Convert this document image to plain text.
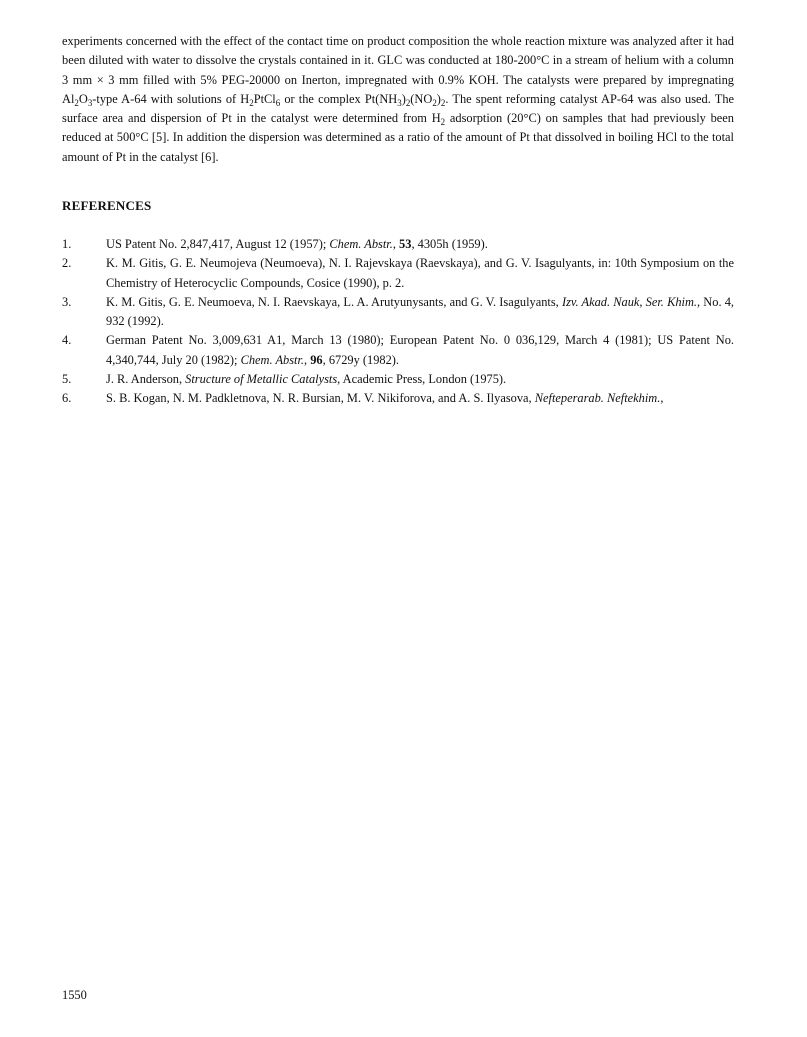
experiments concerned with the effect of the contact time on product composition the whole reaction mixture was analyzed after it had been diluted with water to dissolve the crystals contained in it. GLC was conducted at 180-200°C in a stream of helium with a column 3 mm × 3 mm filled with 5% PEG-20000 on Inerton, impregnated with 0.9% KOH. The catalysts were prepared by impregnating $Al_2O_3$-type A-64 with solutions of $H_2PtCl_6$ or the complex $Pt(NH_3)_2(NO_2)_2$. The spent reforming catalyst AP-64 was also used. The surface area and dispersion of Pt in the catalyst were determined from $H_2$ adsorption (20°C) on samples that had previously been reduced at 500°C [5]. In addition the dispersion was determined as a ratio of the amount of Pt that dissolved in boiling HCl to the total amount of Pt in the catalyst [6].

REFERENCES
1.	US Patent No. 2,847,417, August 12 (1957); Chem. Abstr., 53, 4305h (1959).
2.	K. M. Gitis, G. E. Neumojeva (Neumoeva), N. I. Rajevskaya (Raevskaya), and G. V. Isagulyants, in: 10th Symposium on the Chemistry of Heterocyclic Compounds, Cosice (1990), p. 2.
3.	K. M. Gitis, G. E. Neumoeva, N. I. Raevskaya, L. A. Arutyunysants, and G. V. Isagulyants, Izv. Akad. Nauk, Ser. Khim., No. 4, 932 (1992).
4.	German Patent No. 3,009,631 A1, March 13 (1980); European Patent No. 0 036,129, March 4 (1981); US Patent No. 4,340,744, July 20 (1982); Chem. Abstr., 96, 6729y (1982).
5.	J. R. Anderson, Structure of Metallic Catalysts, Academic Press, London (1975).
6.	S. B. Kogan, N. M. Padkletnova, N. R. Bursian, M. V. Nikiforova, and A. S. Ilyasova, Nefteperarab. Neftekhim.,
1550
